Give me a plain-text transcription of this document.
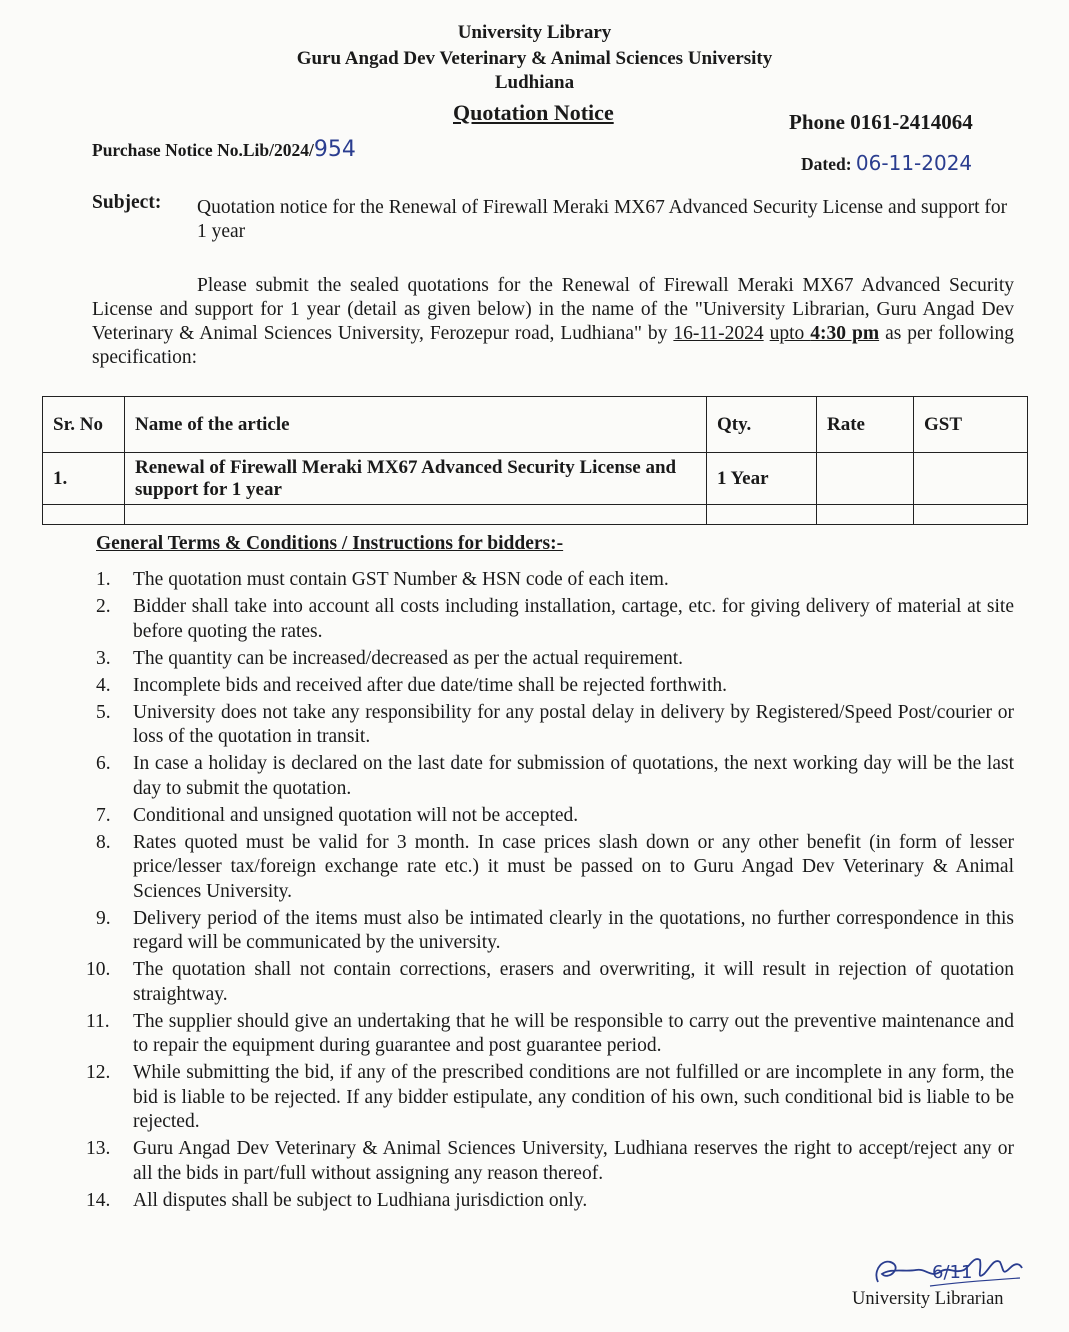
University Library
Guru Angad Dev Veterinary & Animal Sciences University
Ludhiana
Quotation Notice	Phone 0161-2414064
Purchase Notice No.Lib/2024/954
Dated: 06-11-2024
Subject: Quotation notice for the Renewal of Firewall Meraki MX67 Advanced Security License and support for 1 year
Please submit the sealed quotations for the Renewal of Firewall Meraki MX67 Advanced Security License and support for 1 year (detail as given below) in the name of the "University Librarian, Guru Angad Dev Veterinary & Animal Sciences University, Ferozepur road, Ludhiana" by 16-11-2024 upto 4:30 pm as per following specification:
Sr. No	Name of the article	Qty.	Rate	GST
1.	Renewal of Firewall Meraki MX67 Advanced Security License and support for 1 year	1 Year		

General Terms & Conditions / Instructions for bidders:-
1. The quotation must contain GST Number & HSN code of each item.
2. Bidder shall take into account all costs including installation, cartage, etc. for giving delivery of material at site before quoting the rates.
3. The quantity can be increased/decreased as per the actual requirement.
4. Incomplete bids and received after due date/time shall be rejected forthwith.
5. University does not take any responsibility for any postal delay in delivery by Registered/Speed Post/courier or loss of the quotation in transit.
6. In case a holiday is declared on the last date for submission of quotations, the next working day will be the last day to submit the quotation.
7. Conditional and unsigned quotation will not be accepted.
8. Rates quoted must be valid for 3 month. In case prices slash down or any other benefit (in form of lesser price/lesser tax/foreign exchange rate etc.) it must be passed on to Guru Angad Dev Veterinary & Animal Sciences University.
9. Delivery period of the items must also be intimated clearly in the quotations, no further correspondence in this regard will be communicated by the university.
10. The quotation shall not contain corrections, erasers and overwriting, it will result in rejection of quotation straightway.
11. The supplier should give an undertaking that he will be responsible to carry out the preventive maintenance and to repair the equipment during guarantee and post guarantee period.
12. While submitting the bid, if any of the prescribed conditions are not fulfilled or are incomplete in any form, the bid is liable to be rejected. If any bidder estipulate, any condition of his own, such conditional bid is liable to be rejected.
13. Guru Angad Dev Veterinary & Animal Sciences University, Ludhiana reserves the right to accept/reject any or all the bids in part/full without assigning any reason thereof.
14. All disputes shall be subject to Ludhiana jurisdiction only.
6/11
University Librarian
